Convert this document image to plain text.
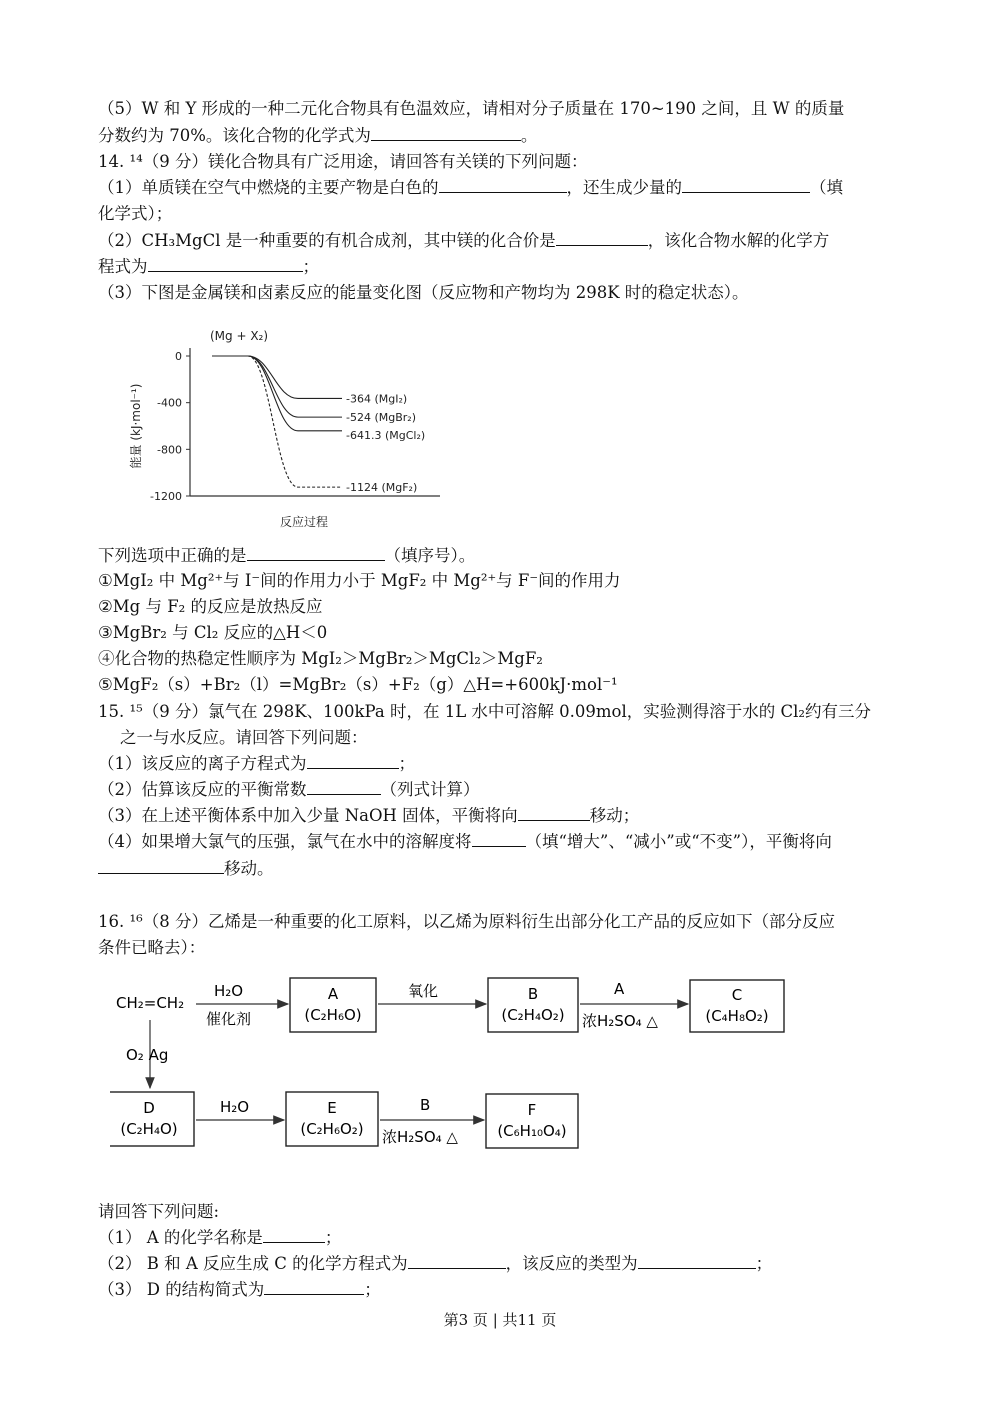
（5）W 和 Y 形成的一种二元化合物具有色温效应，请相对分子质量在 170~190 之间，且 W 的质量
分数约为 70%。该化合物的化学式为	。
14. ¹⁴（9 分）镁化合物具有广泛用途，请回答有关镁的下列问题：
（1）单质镁在空气中燃烧的主要产物是白色的	，还生成少量的	（填
化学式）；
（2）CH₃MgCl 是一种重要的有机合成剂，其中镁的化合价是	，该化合物水解的化学方
程式为	；
（3）下图是金属镁和卤素反应的能量变化图（反应物和产物均为 298K 时的稳定状态）。
0
-400
-800
-1200
(Mg + X₂)
能量 (kJ·mol⁻¹)
反应过程
-364 (MgI₂)
-524 (MgBr₂)
-641.3 (MgCl₂)
-1124 (MgF₂)
下列选项中正确的是	（填序号）。
①MgI₂ 中 Mg²⁺与 I⁻间的作用力小于 MgF₂ 中 Mg²⁺与 F⁻间的作用力
②Mg 与 F₂ 的反应是放热反应
③MgBr₂ 与 Cl₂ 反应的△H＜0
④化合物的热稳定性顺序为 MgI₂＞MgBr₂＞MgCl₂＞MgF₂
⑤MgF₂（s）+Br₂（l）=MgBr₂（s）+F₂（g）△H=+600kJ·mol⁻¹
15. ¹⁵（9 分）氯气在 298K、100kPa 时，在 1L 水中可溶解 0.09mol，实验测得溶于水的 Cl₂约有三分
之一与水反应。请回答下列问题：
（1）该反应的离子方程式为	；
（2）估算该反应的平衡常数	（列式计算）
（3）在上述平衡体系中加入少量 NaOH 固体，平衡将向	移动；
（4）如果增大氯气的压强，氯气在水中的溶解度将	（填“增大”、“减小”或“不变”），平衡将向
移动。
16. ¹⁶（8 分）乙烯是一种重要的化工原料，以乙烯为原料衍生出部分化工产品的反应如下（部分反应
条件已略去）：
CH₂=CH₂
H₂O
催化剂
A
(C₂H₆O)
氧化	B
(C₂H₄O₂)
A
浓H₂SO₄ △
C
(C₄H₈O₂)
O₂ Ag
D
(C₂H₄O)
H₂O	E
(C₂H₆O₂)
B
浓H₂SO₄ △
F
(C₆H₁₀O₄)
请回答下列问题:
（1） A 的化学名称是	；
（2） B 和 A 反应生成 C 的化学方程式为	，该反应的类型为	；
（3） D 的结构简式为	；
第3 页 | 共11 页
